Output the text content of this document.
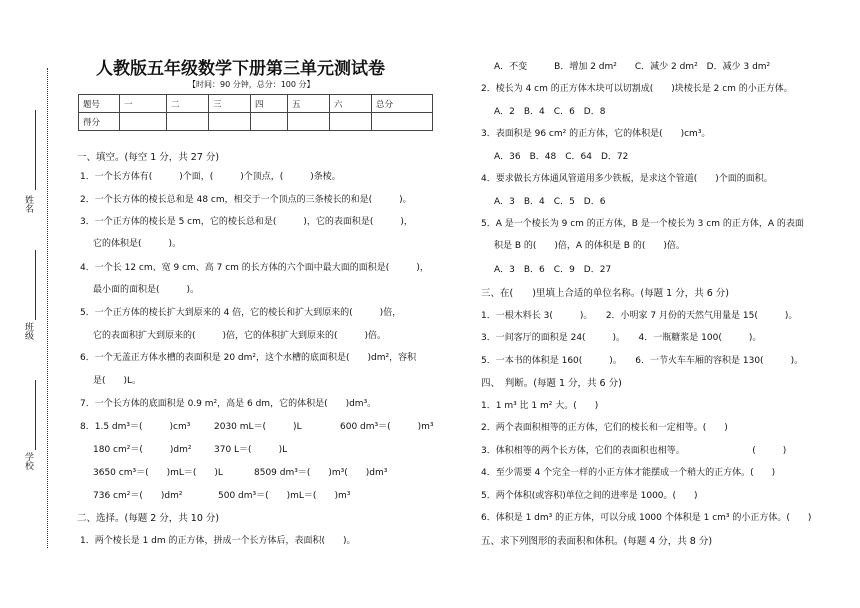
姓名
班级
学校
人教版五年级数学下册第三单元测试卷
【时间：90 分钟，总分：100 分】
题号	一	二	三	四	五	六	总分
得分							
一、填空。(每空 1 分，共 27 分)
1．一个长方体有(　　　)个面，(　　　)个顶点，(　　　)条棱。
2．一个长方体的棱长总和是 48 cm，相交于一个顶点的三条棱长的和是(　　　)。
3．一个正方体的棱长是 5 cm，它的棱长总和是(　　　)，它的表面积是(　　　)，
它的体积是(　　　)。
4．一个长 12 cm、宽 9 cm、高 7 cm 的长方体的六个面中最大面的面积是(　　　)，
最小面的面积是(　　　)。
5．一个正方体的棱长扩大到原来的 4 倍，它的棱长和扩大到原来的(　　　)倍，
它的表面积扩大到原来的(　　　)倍，它的体积扩大到原来的(　　　)倍。
6．一个无盖正方体水槽的表面积是 20 dm²，这个水槽的底面积是(　　)dm²，容积
是(　　)L。
7．一个长方体的底面积是 0.9 m²，高是 6 dm，它的体积是(　　)dm³。
8．1.5 dm³＝(　　　)cm³	2030 mL＝(　　　)L	600 dm³＝(　　　)m³
180 cm²＝(　　　)dm²	370 L＝(　　　)L
3650 cm³＝(　　)mL＝(　　)L	8509 dm³＝(　　)m³(　　)dm³
736 cm²＝(　　)dm²	500 dm³＝(　　)mL＝(　　)m³
二、选择。(每题 2 分，共 10 分)
1．两个棱长是 1 dm 的正方体，拼成一个长方体后，表面积(　　)。
A．不变　　　B．增加 2 dm²　　C．减少 2 dm²　D．减少 3 dm²
2．棱长为 4 cm 的正方体木块可以切割成(　　)块棱长是 2 cm 的小正方体。
A．2　B．4　C．6　D．8
3．表面积是 96 cm² 的正方体，它的体积是(　　)cm³。
A．36　B．48　C．64　D．72
4．要求做长方体通风管道用多少铁板，是求这个管道(　　)个面的面积。
A．3　B．4　C．5　D．6
5．A 是一个棱长为 9 cm 的正方体，B 是一个棱长为 3 cm 的正方体，A 的表面
积是 B 的(　　)倍，A 的体积是 B 的(　　)倍。
A．3　B．6　C．9　D．27
三、在(　　)里填上合适的单位名称。(每题 1 分，共 6 分)
1．一根木料长 3(　　　)。　　2．小明家 7 月份的天然气用量是 15(　　　)。
3．一间客厅的面积是 24(　　　)。　　4．一瓶糖浆是 100(　　　)。
5．一本书的体积是 160(　　　)。　　6．一节火车车厢的容积是 130(　　　)。
四、　判断。(每题 1 分，共 6 分)
1．1 m³ 比 1 m² 大。(　　)
2．两个表面积相等的正方体，它们的棱长和一定相等。(　　)
3．体积相等的两个长方体，它们的表面积也相等。　　　　　　　　(　　　)
4．至少需要 4 个完全一样的小正方体才能摆成一个稍大的正方体。(　　)
5．两个体积(或容积)单位之间的进率是 1000。(　　)
6．体积是 1 dm³ 的正方体，可以分成 1000 个体积是 1 cm³ 的小正方体。(　　)
五、求下列图形的表面积和体积。(每题 4 分，共 8 分)
